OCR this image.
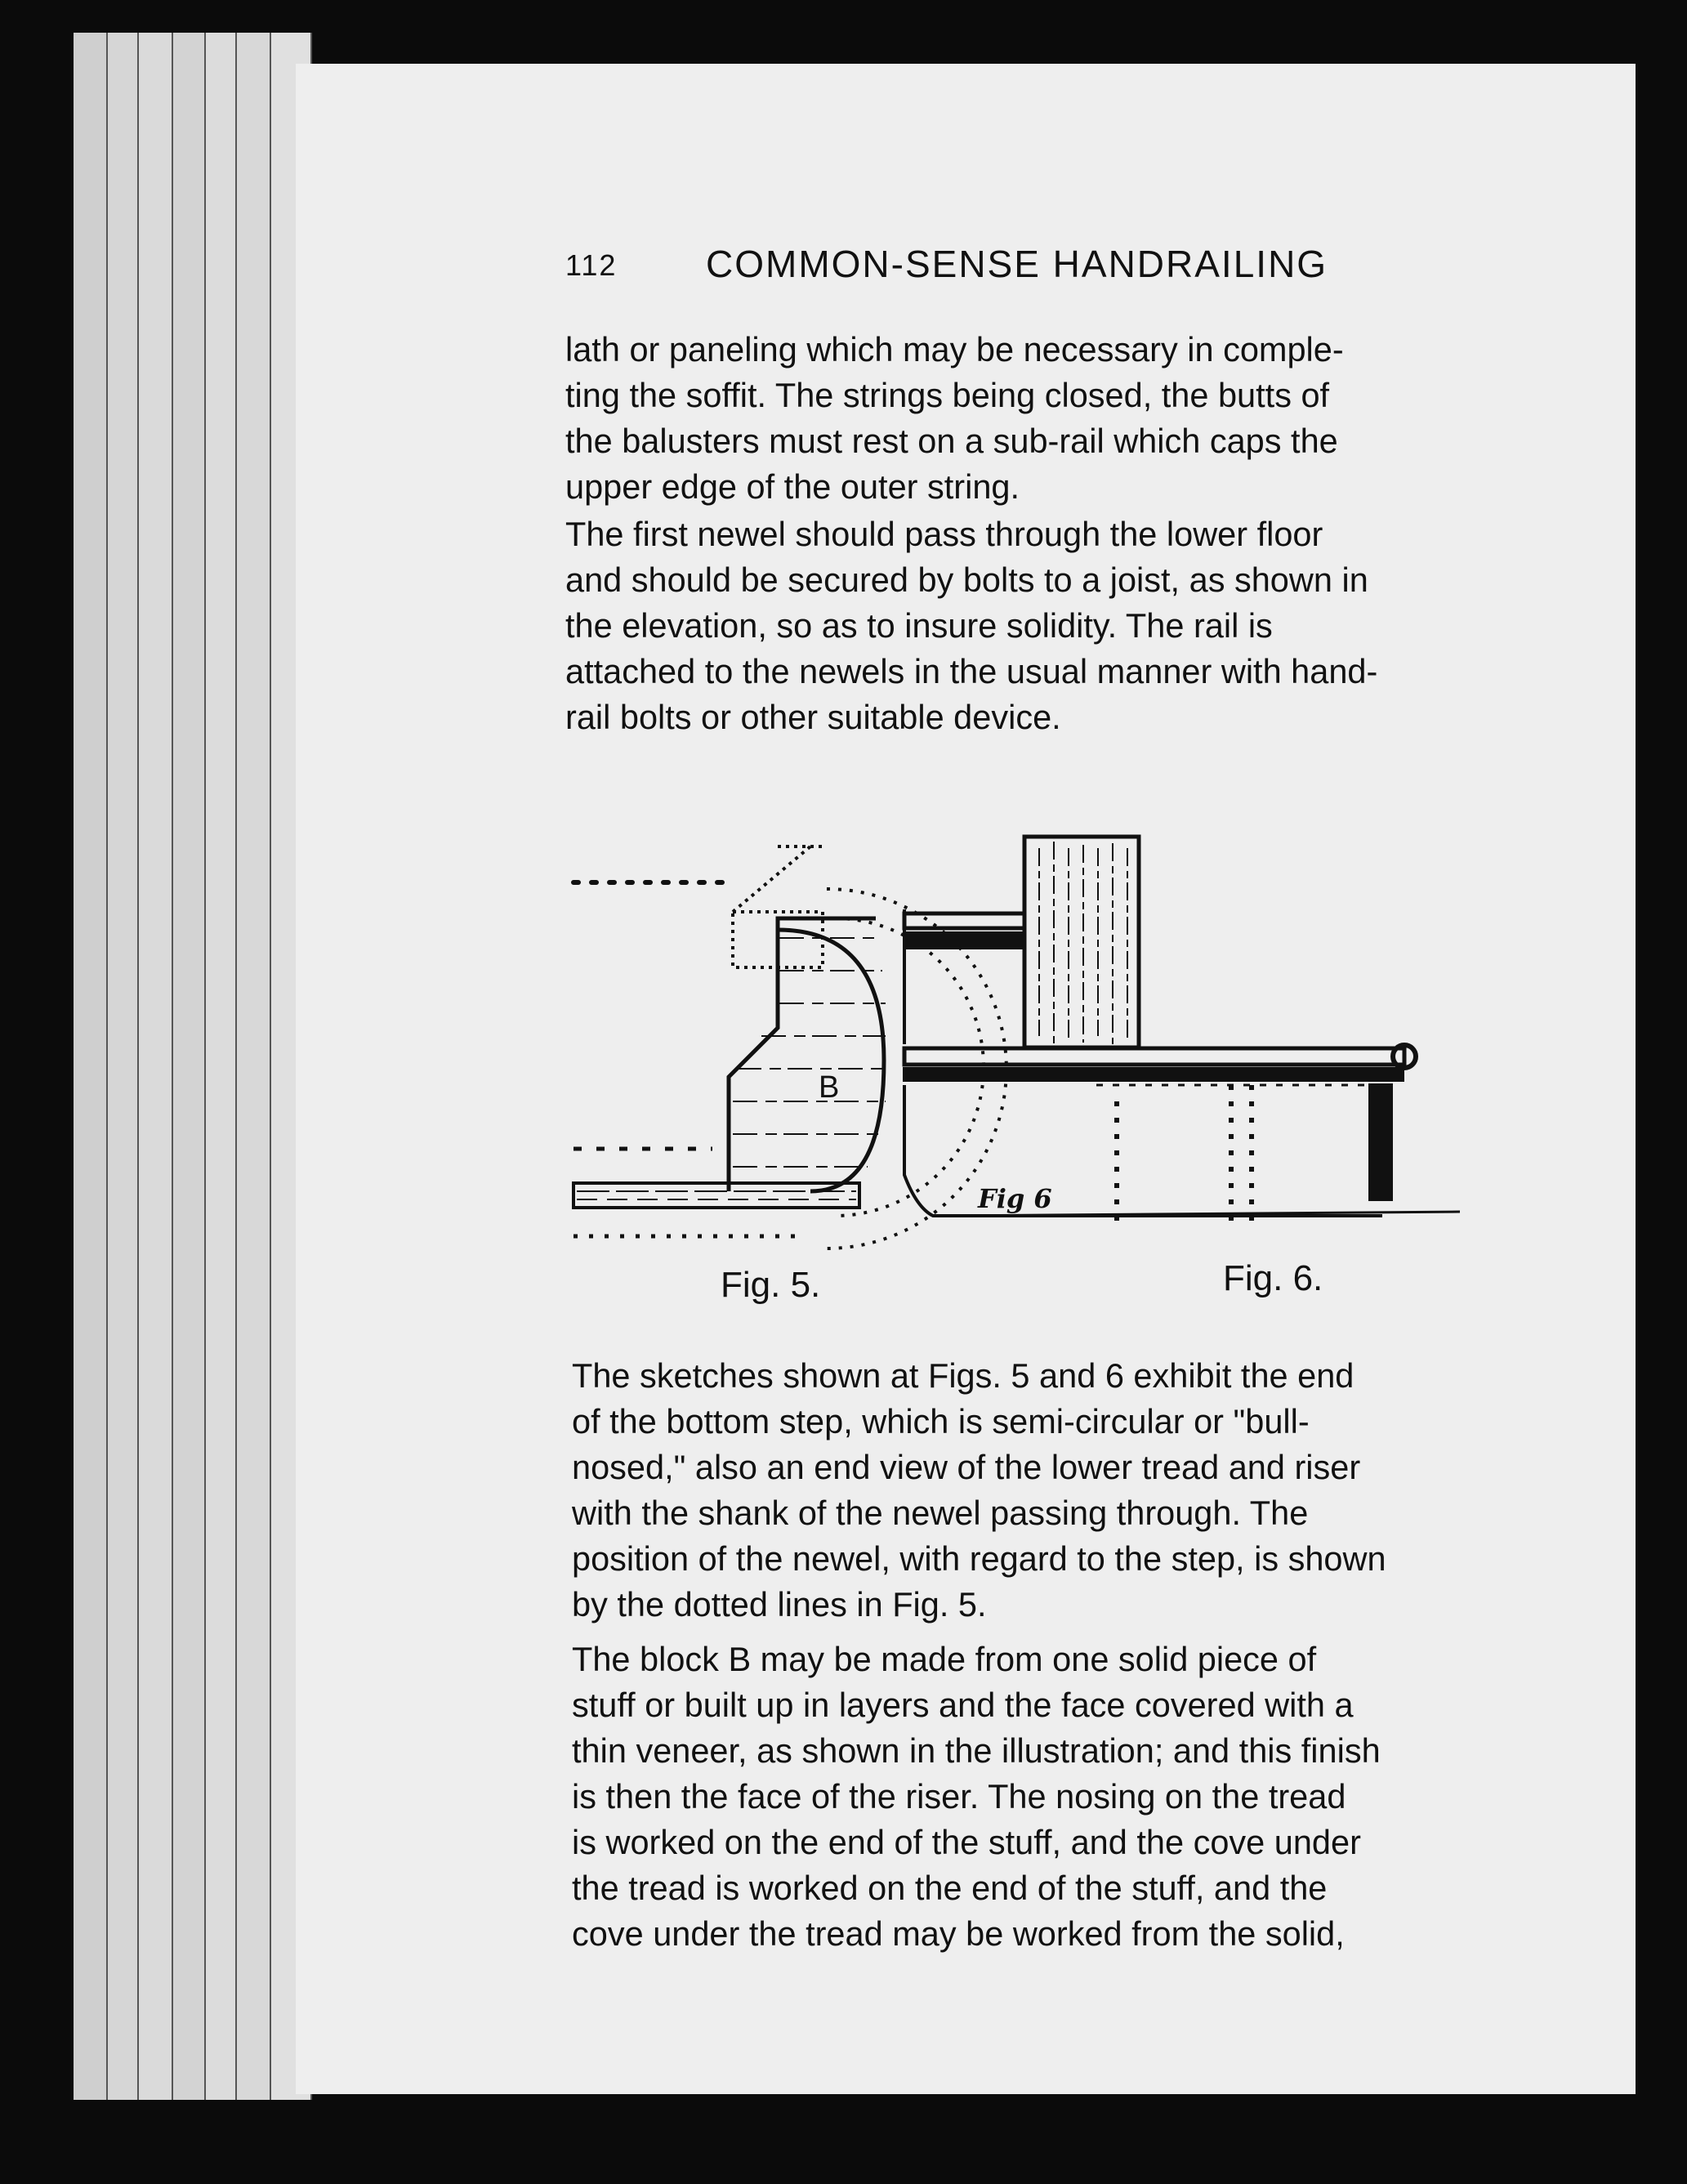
112 COMMON-SENSE HANDRAILING

lath or paneling which may be necessary in comple-
ting the soffit. The strings being closed, the butts of
the balusters must rest on a sub-rail which caps the
upper edge of the outer string.

The first newel should pass through the lower floor
and should be secured by bolts to a joist, as shown in
the elevation, so as to insure solidity. The rail is
attached to the newels in the usual manner with hand-
rail bolts or other suitable device.

B
Fig 6
Fig. 5.	Fig. 6.

The sketches shown at Figs. 5 and 6 exhibit the end
of the bottom step, which is semi-circular or "bull-
nosed," also an end view of the lower tread and riser
with the shank of the newel passing through. The
position of the newel, with regard to the step, is shown
by the dotted lines in Fig. 5.

The block B may be made from one solid piece of
stuff or built up in layers and the face covered with a
thin veneer, as shown in the illustration; and this finish
is then the face of the riser. The nosing on the tread
is worked on the end of the stuff, and the cove under
the tread is worked on the end of the stuff, and the
cove under the tread may be worked from the solid,
